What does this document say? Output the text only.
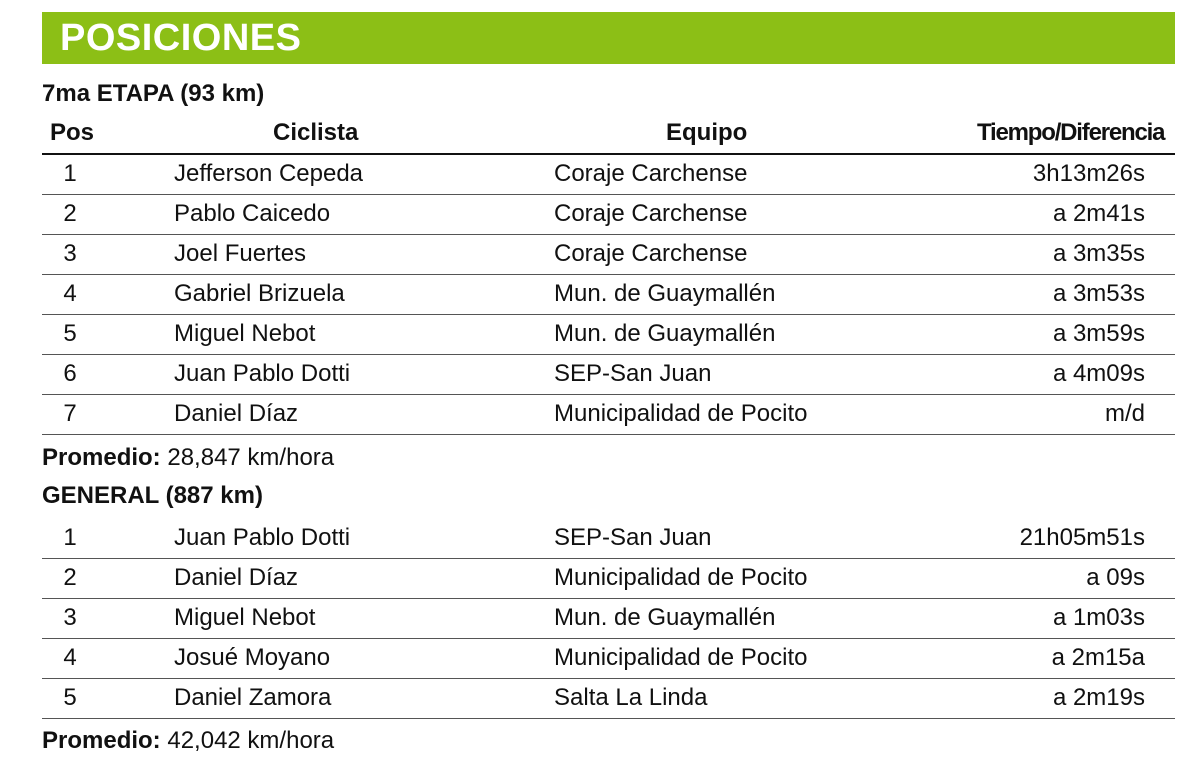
POSICIONES
7ma ETAPA (93 km)
Pos	Ciclista	Equipo	Tiempo/Diferencia
1	Jefferson Cepeda	Coraje Carchense	3h13m26s
2	Pablo Caicedo	Coraje Carchense	a 2m41s
3	Joel Fuertes	Coraje Carchense	a 3m35s
4	Gabriel Brizuela	Mun. de Guaymallén	a 3m53s
5	Miguel Nebot	Mun. de Guaymallén	a 3m59s
6	Juan Pablo Dotti	SEP-San Juan	a 4m09s
7	Daniel Díaz	Municipalidad de Pocito	m/d
Promedio: 28,847 km/hora
GENERAL (887 km)
1	Juan Pablo Dotti	SEP-San Juan	21h05m51s
2	Daniel Díaz	Municipalidad de Pocito	a 09s
3	Miguel Nebot	Mun. de Guaymallén	a 1m03s
4	Josué Moyano	Municipalidad de Pocito	a 2m15a
5	Daniel Zamora	Salta La Linda	a 2m19s
Promedio: 42,042 km/hora
